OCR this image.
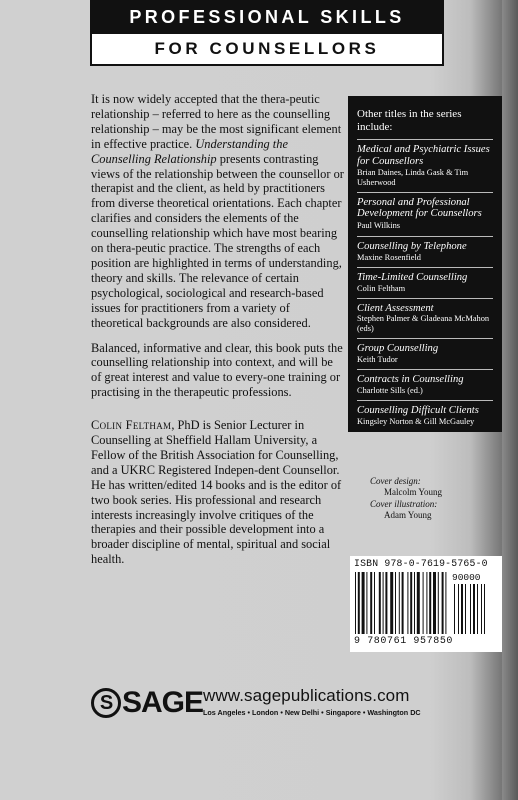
PROFESSIONAL SKILLS
FOR COUNSELLORS

It is now widely accepted that the thera-peutic relationship – referred to here as the counselling relationship – may be the most significant element in effective practice. Understanding the Counselling Relationship presents contrasting views of the relationship between the counsellor or therapist and the client, as held by practitioners from diverse theoretical orientations. Each chapter clarifies and considers the elements of the counselling relationship which have most bearing on thera-peutic practice. The strengths of each position are highlighted in terms of understanding, theory and skills. The relevance of certain psychological, sociological and research-based issues for practitioners from a variety of theoretical backgrounds are also considered.

Balanced, informative and clear, this book puts the counselling relationship into context, and will be of great interest and value to every-one training or practising in the therapeutic professions.

Colin Feltham, PhD is Senior Lecturer in Counselling at Sheffield Hallam University, a Fellow of the British Association for Counselling, and a UKRC Registered Indepen-dent Counsellor. He has written/edited 14 books and is the editor of two book series. His professional and research interests increasingly involve critiques of the therapies and their possible development into a broader discipline of mental, spiritual and social health.

Other titles in the series include:
Medical and Psychiatric Issues for Counsellors
Brian Daines, Linda Gask & Tim Usherwood
Personal and Professional Development for Counsellors Paul Wilkins
Counselling by Telephone
Maxine Rosenfield
Time-Limited Counselling
Colin Feltham
Client Assessment
Stephen Palmer & Gladeana McMahon (eds)
Group Counselling
Keith Tudor
Contracts in Counselling
Charlotte Sills (ed.)
Counselling Difficult Clients
Kingsley Norton & Gill McGauley
Cover design:
Malcolm Young
Cover illustration:
Adam Young
ISBN 978-0-7619-5765-0
90000
9 780761 957850
S SAGE www.sagepublications.com
Los Angeles • London • New Delhi • Singapore • Washington DC
